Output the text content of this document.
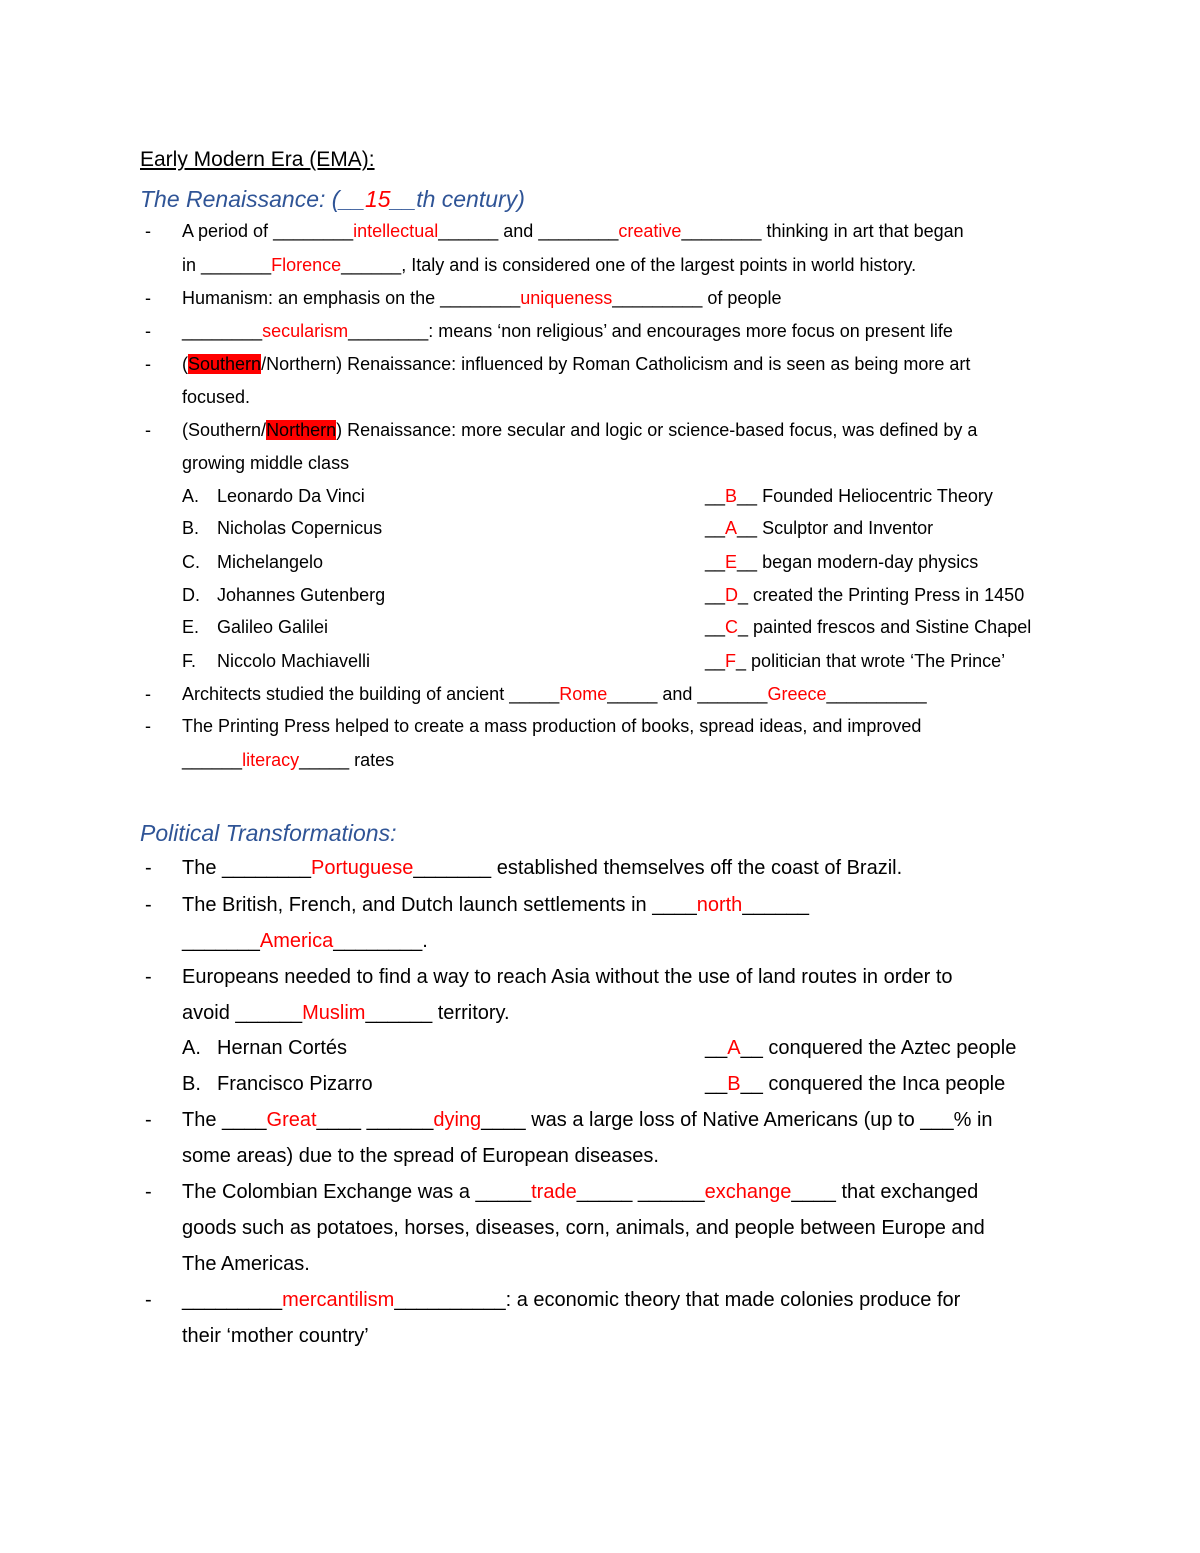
Early Modern Era (EMA):
The Renaissance: (__15__th century)
- A period of ________intellectual______ and ________creative________ thinking in art that began
in _______Florence______, Italy and is considered one of the largest points in world history.
- Humanism: an emphasis on the ________uniqueness_________ of people
- ________secularism________: means ‘non religious’ and encourages more focus on present life
- (Southern/Northern) Renaissance: influenced by Roman Catholicism and is seen as being more art
focused.
- (Southern/Northern) Renaissance: more secular and logic or science-based focus, was defined by a
growing middle class
A. Leonardo Da Vinci	__B__ Founded Heliocentric Theory
B. Nicholas Copernicus	__A__ Sculptor and Inventor
C. Michelangelo	__E__ began modern-day physics
D. Johannes Gutenberg	__D_ created the Printing Press in 1450
E. Galileo Galilei	__C_ painted frescos and Sistine Chapel
F. Niccolo Machiavelli	__F_ politician that wrote ‘The Prince’
- Architects studied the building of ancient _____Rome_____ and _______Greece__________
- The Printing Press helped to create a mass production of books, spread ideas, and improved
______literacy_____ rates
Political Transformations:
- The ________Portuguese_______ established themselves off the coast of Brazil.
- The British, French, and Dutch launch settlements in ____north______
_______America________.
- Europeans needed to find a way to reach Asia without the use of land routes in order to
avoid ______Muslim______ territory.
A. Hernan Cortés	__A__ conquered the Aztec people
B. Francisco Pizarro	__B__ conquered the Inca people
- The ____Great____ ______dying____ was a large loss of Native Americans (up to ___% in
some areas) due to the spread of European diseases.
- The Colombian Exchange was a _____trade_____ ______exchange____ that exchanged
goods such as potatoes, horses, diseases, corn, animals, and people between Europe and
The Americas.
- _________mercantilism__________: a economic theory that made colonies produce for
their ‘mother country’
